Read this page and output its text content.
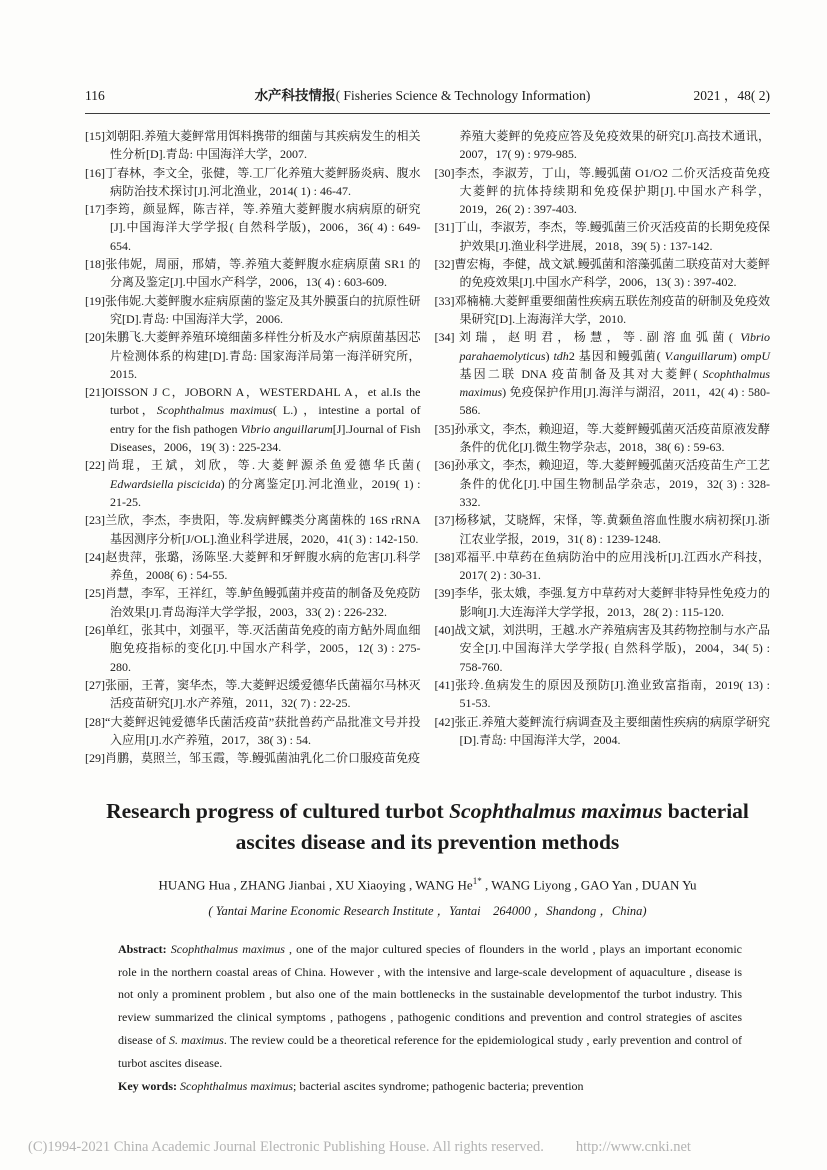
116	水产科技情报( Fisheries Science & Technology Information)	2021 ，48( 2)
[15]刘朝阳.养殖大菱鲆常用饵料携带的细菌与其疾病发生的相关性分析[D].青岛: 中国海洋大学，2007.
[16]丁春林，李文全，张健，等.工厂化养殖大菱鲆肠炎病、腹水病防治技术探讨[J].河北渔业，2014( 1) : 46-47.
[17]李筠，颜显辉，陈吉祥，等.养殖大菱鲆腹水病病原的研究[J].中国海洋大学学报( 自然科学版)，2006，36( 4) : 649-654.
[18]张伟妮，周丽，邢婧，等.养殖大菱鲆腹水症病原菌 SR1 的分离及鉴定[J].中国水产科学，2006，13( 4) : 603-609.
[19]张伟妮.大菱鲆腹水症病原菌的鉴定及其外膜蛋白的抗原性研究[D].青岛: 中国海洋大学，2006.
[20]朱鹏飞.大菱鲆养殖环境细菌多样性分析及水产病原菌基因芯片检测体系的构建[D].青岛: 国家海洋局第一海洋研究所，2015.
[21]OISSON J C，JOBORN A，WESTERDAHL A，et al.Is the turbot，Scophthalmus maximus( L.) ，intestine a portal of entry for the fish pathogen Vibrio anguillarum[J].Journal of Fish Diseases，2006，19( 3) : 225-234.
[22]尚琨，王斌，刘欣，等.大菱鲆源杀鱼爱德华氏菌( Edwardsiella piscicida) 的分离鉴定[J].河北渔业，2019( 1) : 21-25.
[23]兰欣，李杰，李贵阳，等.发病鲆鲽类分离菌株的 16S rRNA 基因测序分析[J/OL].渔业科学进展，2020，41( 3) : 142-150.
[24]赵贵萍，张璐，汤陈坚.大菱鲆和牙鲆腹水病的危害[J].科学养鱼，2008( 6) : 54-55.
[25]肖慧，李军，王祥红，等.鲈鱼鳗弧菌并疫苗的制备及免疫防治效果[J].青岛海洋大学学报，2003，33( 2) : 226-232.
[26]单红，张其中，刘强平，等.灭活菌苗免疫的南方鲇外周血细胞免疫指标的变化[J].中国水产科学，2005，12( 3) : 275-280.
[27]张丽，王菁，窦华杰，等.大菱鲆迟缓爱德华氏菌福尔马林灭活疫苗研究[J].水产养殖，2011，32( 7) : 22-25.
[28]“大菱鲆迟钝爱德华氏菌活疫苗”获批兽药产品批准文号并投入应用[J].水产养殖，2017，38( 3) : 54.
[29]肖鹏，莫照兰，邹玉霞，等.鳗弧菌油乳化二价口服疫苗免疫
养殖大菱鲆的免疫应答及免疫效果的研究[J].高技术通讯，2007，17( 9) : 979-985.
[30]李杰，李淑芳，丁山，等.鳗弧菌 O1/O2 二价灭活疫苗免疫大菱鲆的抗体持续期和免疫保护期[J].中国水产科学，2019，26( 2) : 397-403.
[31]丁山，李淑芳，李杰，等.鳗弧菌三价灭活疫苗的长期免疫保护效果[J].渔业科学进展，2018，39( 5) : 137-142.
[32]曹宏梅，李健，战文斌.鳗弧菌和溶藻弧菌二联疫苗对大菱鲆的免疫效果[J].中国水产科学，2006，13( 3) : 397-402.
[33]邓楠楠.大菱鲆重要细菌性疾病五联佐剂疫苗的研制及免疫效果研究[D].上海海洋大学，2010.
[34]刘瑞，赵明君，杨慧，等.副溶血弧菌( Vibrio parahaemolyticus) tdh2 基因和鳗弧菌( V.anguillarum) ompU 基因二联 DNA 疫苗制备及其对大菱鲆( Scophthalmus maximus) 免疫保护作用[J].海洋与湖沼，2011，42( 4) : 580-586.
[35]孙承文，李杰，赖迎迢，等.大菱鲆鳗弧菌灭活疫苗原液发酵条件的优化[J].微生物学杂志，2018，38( 6) : 59-63.
[36]孙承文，李杰，赖迎迢，等.大菱鲆鳗弧菌灭活疫苗生产工艺条件的优化[J].中国生物制品学杂志，2019，32( 3) : 328-332.
[37]杨移斌，艾晓辉，宋怿，等.黄颡鱼溶血性腹水病初探[J].浙江农业学报，2019，31( 8) : 1239-1248.
[38]邓福平.中草药在鱼病防治中的应用浅析[J].江西水产科技，2017( 2) : 30-31.
[39]李华，张太娥，李强.复方中草药对大菱鲆非特异性免疫力的影响[J].大连海洋大学学报，2013，28( 2) : 115-120.
[40]战文斌，刘洪明，王越.水产养殖病害及其药物控制与水产品安全[J].中国海洋大学学报( 自然科学版)，2004，34( 5) : 758-760.
[41]张玲.鱼病发生的原因及预防[J].渔业致富指南，2019( 13) : 51-53.
[42]张正.养殖大菱鲆流行病调查及主要细菌性疾病的病原学研究[D].青岛: 中国海洋大学，2004.
Research progress of cultured turbot Scophthalmus maximus bacterial ascites disease and its prevention methods
HUANG Hua , ZHANG Jianbai , XU Xiaoying , WANG $He^{1*}$ , WANG Liyong , GAO Yan , DUAN Yu
( Yantai Marine Economic Research Institute ，Yantai　264000 ，Shandong ，China)

Abstract: Scophthalmus maximus , one of the major cultured species of flounders in the world , plays an important economic role in the northern coastal areas of China. However , with the intensive and large-scale development of aquaculture , disease is not only a prominent problem , but also one of the main bottlenecks in the sustainable developmentof the turbot industry. This review summarized the clinical symptoms , pathogens , pathogenic conditions and prevention and control strategies of ascites disease of S. maximus. The review could be a theoretical reference for the epidemiological study , early prevention and control of turbot ascites disease.

Key words: Scophthalmus maximus; bacterial ascites syndrome; pathogenic bacteria; prevention

(C)1994-2021 China Academic Journal Electronic Publishing House. All rights reserved. http://www.cnki.net
